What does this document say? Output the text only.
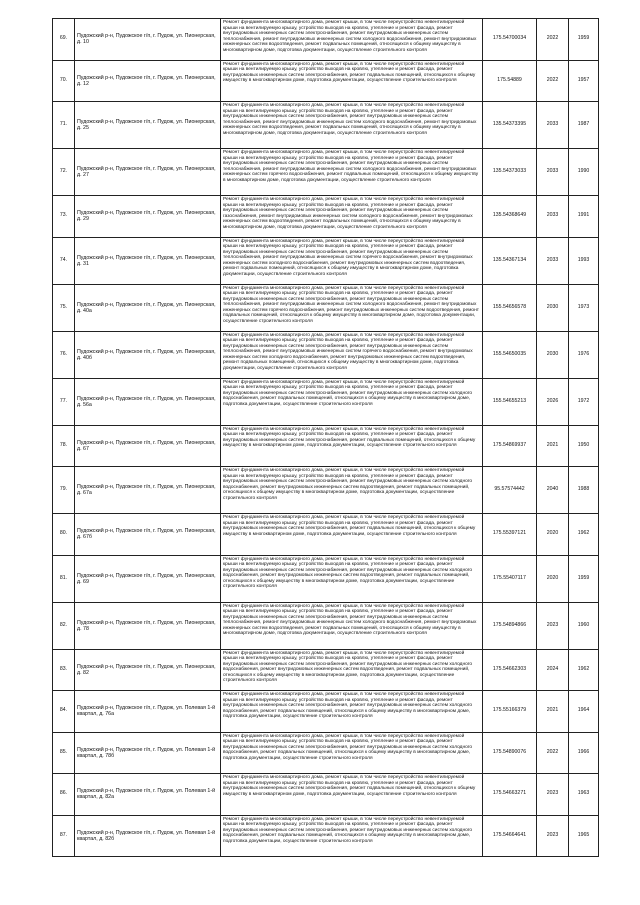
69.	Пудожский р-н, Пудожское г/п, г. Пудож, ул. Пионерская, д. 10	Ремонт фундамента многоквартирного дома, ремонт крыши, в том числе переустройство невентилируемой крыши на вентилируемую крышу, устройство выходов на кровлю, утепление и ремонт фасада, ремонт внутридомовых инженерных систем электроснабжения, ремонт внутридомовых инженерных систем теплоснабжения, ремонт внутридомовых инженерных систем холодного водоснабжения, ремонт внутридомовых инженерных систем водоотведения, ремонт подвальных помещений, относящихся к общему имуществу в многоквартирном доме, подготовка документации, осуществление строительного контроля	175.54700034	2022	1959
70.	Пудожский р-н, Пудожское г/п, г. Пудож, ул. Пионерская, д. 12	Ремонт фундамента многоквартирного дома, ремонт крыши, в том числе переустройство невентилируемой крыши на вентилируемую крышу, устройство выходов на кровлю, утепление и ремонт фасада, ремонт внутридомовых инженерных систем электроснабжения, ремонт подвальных помещений, относящихся к общему имуществу в многоквартирном доме, подготовка документации, осуществление строительного контроля	175.54889	2022	1957
71.	Пудожский р-н, Пудожское г/п, г. Пудож, ул. Пионерская, д. 25	Ремонт фундамента многоквартирного дома, ремонт крыши, в том числе переустройство невентилируемой крыши на вентилируемую крышу, устройство выходов на кровлю, утепление и ремонт фасада, ремонт внутридомовых инженерных систем электроснабжения, ремонт внутридомовых инженерных систем теплоснабжения, ремонт внутридомовых инженерных систем холодного водоснабжения, ремонт внутридомовых инженерных систем водоотведения, ремонт подвальных помещений, относящихся к общему имуществу в многоквартирном доме, подготовка документации, осуществление строительного контроля	135.54373395	2033	1987
72.	Пудожский р-н, Пудожское г/п, г. Пудож, ул. Пионерская, д. 27	Ремонт фундамента многоквартирного дома, ремонт крыши, в том числе переустройство невентилируемой крыши на вентилируемую крышу, устройство выходов на кровлю, утепление и ремонт фасада, ремонт внутридомовых инженерных систем электроснабжения, ремонт внутридомовых инженерных систем теплоснабжения, ремонт внутридомовых инженерных систем холодного водоснабжения, ремонт внутридомовых инженерных систем горячего водоснабжения, ремонт подвальных помещений, относящихся к общему имуществу в многоквартирном доме, подготовка документации, осуществление строительного контроля	135.54373033	2033	1990
73.	Пудожский р-н, Пудожское г/п, г. Пудож, ул. Пионерская, д. 29	Ремонт фундамента многоквартирного дома, ремонт крыши, в том числе переустройство невентилируемой крыши на вентилируемую крышу, устройство выходов на кровлю, утепление и ремонт фасада, ремонт внутридомовых инженерных систем электроснабжения, ремонт внутридомовых инженерных систем газоснабжения, ремонт внутридомовых инженерных систем холодного водоснабжения, ремонт внутридомовых инженерных систем водоотведения, ремонт подвальных помещений, относящихся к общему имуществу в многоквартирном доме, подготовка документации, осуществление строительного контроля	135.54368649	2033	1991
74.	Пудожский р-н, Пудожское г/п, г. Пудож, ул. Пионерская, д. 31	Ремонт фундамента многоквартирного дома, ремонт крыши, в том числе переустройство невентилируемой крыши на вентилируемую крышу, устройство выходов на кровлю, утепление и ремонт фасада, ремонт внутридомовых инженерных систем электроснабжения, ремонт внутридомовых инженерных систем теплоснабжения, ремонт внутридомовых инженерных систем горячего водоснабжения, ремонт внутридомовых инженерных систем холодного водоснабжения, ремонт внутридомовых инженерных систем водоотведения, ремонт подвальных помещений, относящихся к общему имуществу в многоквартирном доме, подготовка документации, осуществление строительного контроля	135.54367134	2033	1993
75.	Пудожский р-н, Пудожское г/п, г. Пудож, ул. Пионерская, д. 40а	Ремонт фундамента многоквартирного дома, ремонт крыши, в том числе переустройство невентилируемой крыши на вентилируемую крышу, устройство выходов на кровлю, утепление и ремонт фасада, ремонт внутридомовых инженерных систем электроснабжения, ремонт внутридомовых инженерных систем теплоснабжения, ремонт внутридомовых инженерных систем холодного водоснабжения, ремонт внутридомовых инженерных систем горячего водоснабжения, ремонт внутридомовых инженерных систем водоотведения, ремонт подвальных помещений, относящихся к общему имуществу в многоквартирном доме, подготовка документации, осуществление строительного контроля	155.54656578	2030	1973
76.	Пудожский р-н, Пудожское г/п, г. Пудож, ул. Пионерская, д. 40б	Ремонт фундамента многоквартирного дома, ремонт крыши, в том числе переустройство невентилируемой крыши на вентилируемую крышу, устройство выходов на кровлю, утепление и ремонт фасада, ремонт внутридомовых инженерных систем электроснабжения, ремонт внутридомовых инженерных систем теплоснабжения, ремонт внутридомовых инженерных систем горячего водоснабжения, ремонт внутридомовых инженерных систем холодного водоснабжения, ремонт внутридомовых инженерных систем водоотведения, ремонт подвальных помещений, относящихся к общему имуществу в многоквартирном доме, подготовка документации, осуществление строительного контроля	155.54650035	2030	1976
77.	Пудожский р-н, Пудожское г/п, г. Пудож, ул. Пионерская, д. 56а	Ремонт фундамента многоквартирного дома, ремонт крыши, в том числе переустройство невентилируемой крыши на вентилируемую крышу, устройство выходов на кровлю, утепление и ремонт фасада, ремонт внутридомовых инженерных систем электроснабжения, ремонт внутридомовых инженерных систем холодного водоснабжения, ремонт подвальных помещений, относящихся к общему имуществу в многоквартирном доме, подготовка документации, осуществление строительного контроля	155.54655213	2026	1972
78.	Пудожский р-н, Пудожское г/п, г. Пудож, ул. Пионерская, д. 67	Ремонт фундамента многоквартирного дома, ремонт крыши, в том числе переустройство невентилируемой крыши на вентилируемую крышу, устройство выходов на кровлю, утепление и ремонт фасада, ремонт внутридомовых инженерных систем электроснабжения, ремонт подвальных помещений, относящихся к общему имуществу в многоквартирном доме, подготовка документации, осуществление строительного контроля	175.54869937	2021	1950
79.	Пудожский р-н, Пудожское г/п, г. Пудож, ул. Пионерская, д. 67а	Ремонт фундамента многоквартирного дома, ремонт крыши, в том числе переустройство невентилируемой крыши на вентилируемую крышу, устройство выходов на кровлю, утепление и ремонт фасада, ремонт внутридомовых инженерных систем электроснабжения, ремонт внутридомовых инженерных систем холодного водоснабжения, ремонт внутридомовых инженерных систем водоотведения, ремонт подвальных помещений, относящихся к общему имуществу в многоквартирном доме, подготовка документации, осуществление строительного контроля	95.57574442	2040	1988
80.	Пудожский р-н, Пудожское г/п, г. Пудож, ул. Пионерская, д. 67б	Ремонт фундамента многоквартирного дома, ремонт крыши, в том числе переустройство невентилируемой крыши на вентилируемую крышу, устройство выходов на кровлю, утепление и ремонт фасада, ремонт внутридомовых инженерных систем электроснабжения, ремонт подвальных помещений, относящихся к общему имуществу в многоквартирном доме, подготовка документации, осуществление строительного контроля	175.55397121	2020	1962
81.	Пудожский р-н, Пудожское г/п, г. Пудож, ул. Пионерская, д. 69	Ремонт фундамента многоквартирного дома, ремонт крыши, в том числе переустройство невентилируемой крыши на вентилируемую крышу, устройство выходов на кровлю, утепление и ремонт фасада, ремонт внутридомовых инженерных систем электроснабжения, ремонт внутридомовых инженерных систем холодного водоснабжения, ремонт внутридомовых инженерных систем водоотведения, ремонт подвальных помещений, относящихся к общему имуществу в многоквартирном доме, подготовка документации, осуществление строительного контроля	175.55407117	2020	1959
82.	Пудожский р-н, Пудожское г/п, г. Пудож, ул. Пионерская, д. 78	Ремонт фундамента многоквартирного дома, ремонт крыши, в том числе переустройство невентилируемой крыши на вентилируемую крышу, устройство выходов на кровлю, утепление и ремонт фасада, ремонт внутридомовых инженерных систем электроснабжения, ремонт внутридомовых инженерных систем теплоснабжения, ремонт внутридомовых инженерных систем холодного водоснабжения, ремонт внутридомовых инженерных систем водоотведения, ремонт подвальных помещений, относящихся к общему имуществу в многоквартирном доме, подготовка документации, осуществление строительного контроля	175.54894866	2023	1960
83.	Пудожский р-н, Пудожское г/п, г. Пудож, ул. Пионерская, д. 82	Ремонт фундамента многоквартирного дома, ремонт крыши, в том числе переустройство невентилируемой крыши на вентилируемую крышу, устройство выходов на кровлю, утепление и ремонт фасада, ремонт внутридомовых инженерных систем электроснабжения, ремонт внутридомовых инженерных систем холодного водоснабжения, ремонт внутридомовых инженерных систем водоотведения, ремонт подвальных помещений, относящихся к общему имуществу в многоквартирном доме, подготовка документации, осуществление строительного контроля	175.54662303	2024	1962
84.	Пудожский р-н, Пудожское г/п, г. Пудож, ул. Полевая 1-й квартал, д. 76а	Ремонт фундамента многоквартирного дома, ремонт крыши, в том числе переустройство невентилируемой крыши на вентилируемую крышу, устройство выходов на кровлю, утепление и ремонт фасада, ремонт внутридомовых инженерных систем электроснабжения, ремонт внутридомовых инженерных систем холодного водоснабжения, ремонт подвальных помещений, относящихся к общему имуществу в многоквартирном доме, подготовка документации, осуществление строительного контроля	175.55166379	2021	1964
85.	Пудожский р-н, Пудожское г/п, г. Пудож, ул. Полевая 1-й квартал, д. 78б	Ремонт фундамента многоквартирного дома, ремонт крыши, в том числе переустройство невентилируемой крыши на вентилируемую крышу, устройство выходов на кровлю, утепление и ремонт фасада, ремонт внутридомовых инженерных систем электроснабжения, ремонт внутридомовых инженерных систем холодного водоснабжения, ремонт подвальных помещений, относящихся к общему имуществу в многоквартирном доме, подготовка документации, осуществление строительного контроля	175.54890076	2022	1966
86.	Пудожский р-н, Пудожское г/п, г. Пудож, ул. Полевая 1-й квартал, д. 82а	Ремонт фундамента многоквартирного дома, ремонт крыши, в том числе переустройство невентилируемой крыши на вентилируемую крышу, устройство выходов на кровлю, утепление и ремонт фасада, ремонт внутридомовых инженерных систем электроснабжения, ремонт подвальных помещений, относящихся к общему имуществу в многоквартирном доме, подготовка документации, осуществление строительного контроля	175.54663271	2023	1963
87.	Пудожский р-н, Пудожское г/п, г. Пудож, ул. Полевая 1-й квартал, д. 82б	Ремонт фундамента многоквартирного дома, ремонт крыши, в том числе переустройство невентилируемой крыши на вентилируемую крышу, устройство выходов на кровлю, утепление и ремонт фасада, ремонт внутридомовых инженерных систем электроснабжения, ремонт внутридомовых инженерных систем холодного водоснабжения, ремонт подвальных помещений, относящихся к общему имуществу в многоквартирном доме, подготовка документации, осуществление строительного контроля	175.54664641	2023	1965
